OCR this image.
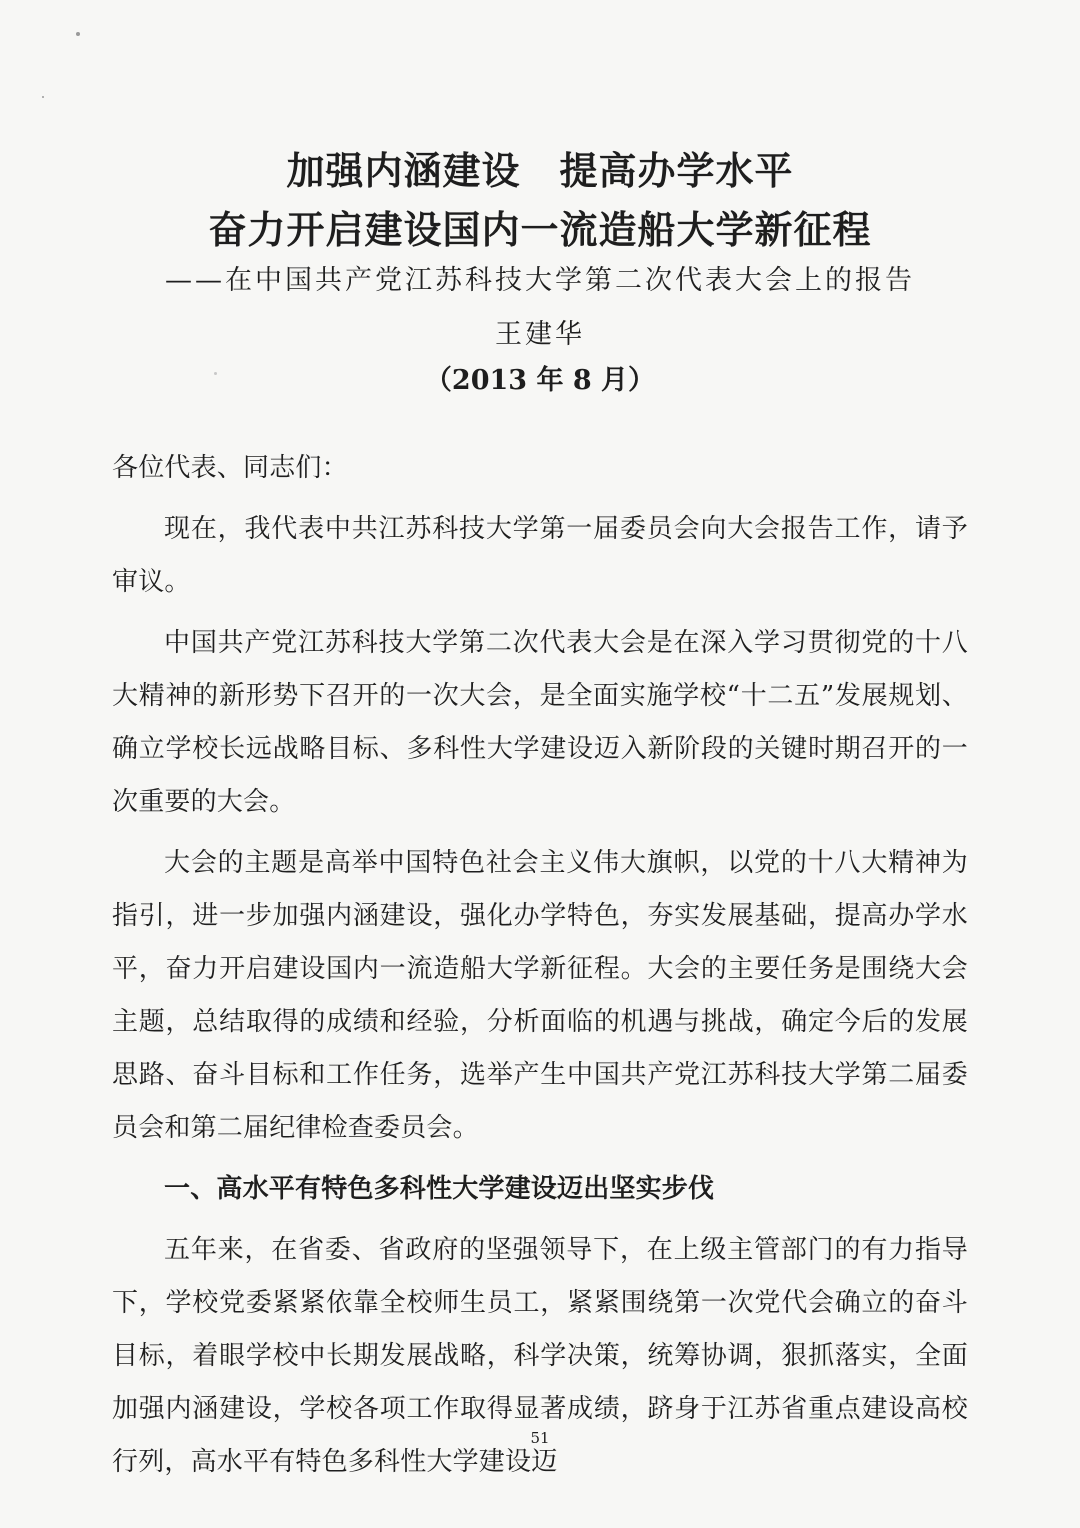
加强内涵建设　提高办学水平
奋力开启建设国内一流造船大学新征程

——在中国共产党江苏科技大学第二次代表大会上的报告

王建华

（2013 年 8 月）

各位代表、同志们：

现在，我代表中共江苏科技大学第一届委员会向大会报告工作，请予审议。

中国共产党江苏科技大学第二次代表大会是在深入学习贯彻党的十八大精神的新形势下召开的一次大会，是全面实施学校“十二五”发展规划、确立学校长远战略目标、多科性大学建设迈入新阶段的关键时期召开的一次重要的大会。

大会的主题是高举中国特色社会主义伟大旗帜，以党的十八大精神为指引，进一步加强内涵建设，强化办学特色，夯实发展基础，提高办学水平，奋力开启建设国内一流造船大学新征程。大会的主要任务是围绕大会主题，总结取得的成绩和经验，分析面临的机遇与挑战，确定今后的发展思路、奋斗目标和工作任务，选举产生中国共产党江苏科技大学第二届委员会和第二届纪律检查委员会。

一、高水平有特色多科性大学建设迈出坚实步伐

五年来，在省委、省政府的坚强领导下，在上级主管部门的有力指导下，学校党委紧紧依靠全校师生员工，紧紧围绕第一次党代会确立的奋斗目标，着眼学校中长期发展战略，科学决策，统筹协调，狠抓落实，全面加强内涵建设，学校各项工作取得显著成绩，跻身于江苏省重点建设高校行列，高水平有特色多科性大学建设迈

51
